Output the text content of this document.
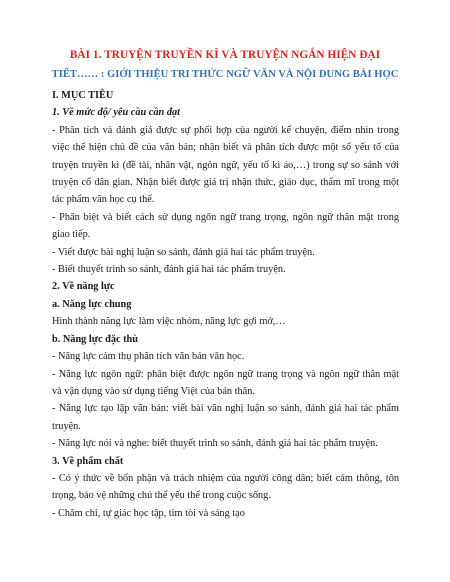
BÀI 1. TRUYỆN TRUYỀN KÌ VÀ TRUYỆN NGẮN HIỆN ĐẠI
TIẾT…… : GIỚI THIỆU TRI THỨC NGỮ VĂN VÀ NỘI DUNG BÀI HỌC
I. MỤC TIÊU
1. Về mức độ/ yêu cầu cần đạt
- Phân tích và đánh giá được sự phối hợp của người kể chuyện, điểm nhìn trong
việc thể hiện chủ đề của văn bản; nhận biết và phân tích được một số yếu tố của
truyện truyền kì (đề tài, nhân vật, ngôn ngữ, yếu tố kì ảo,…) trong sự so sánh với
truyện cổ dân gian. Nhận biết được giá trị nhận thức, giáo dục, thẩm mĩ trong một
tác phẩm văn học cụ thể.
- Phân biệt và biết cách sử dụng ngôn ngữ trang trọng, ngôn ngữ thân mật trong
giao tiếp.
- Viết được bài nghị luận so sánh, đánh giá hai tác phẩm truyện.
- Biết thuyết trình so sánh, đánh giá hai tác phẩm truyện.
2. Về năng lực
a. Năng lực chung
Hình thành năng lực làm việc nhóm, năng lực gợi mở,…
b. Năng lực đặc thù
- Năng lực cảm thụ phân tích văn bản văn học.
- Năng lực ngôn ngữ: phân biệt được ngôn ngữ trang trọng và ngôn ngữ thân mật
và vận dụng vào sử dụng tiếng Việt của bản thân.
- Năng lực tạo lập văn bản: viết bài văn nghị luận so sánh, đánh giá hai tác phẩm
truyện.
- Năng lực nói và nghe: biết thuyết trình so sánh, đánh giá hai tác phẩm truyện.
3. Về phẩm chất
- Có ý thức về bổn phận và trách nhiệm của người công dân; biết cảm thông, tôn
trọng, bảo vệ những chủ thể yếu thế trong cuộc sống.
- Chăm chỉ, tự giác học tập, tìm tòi và sáng tạo
